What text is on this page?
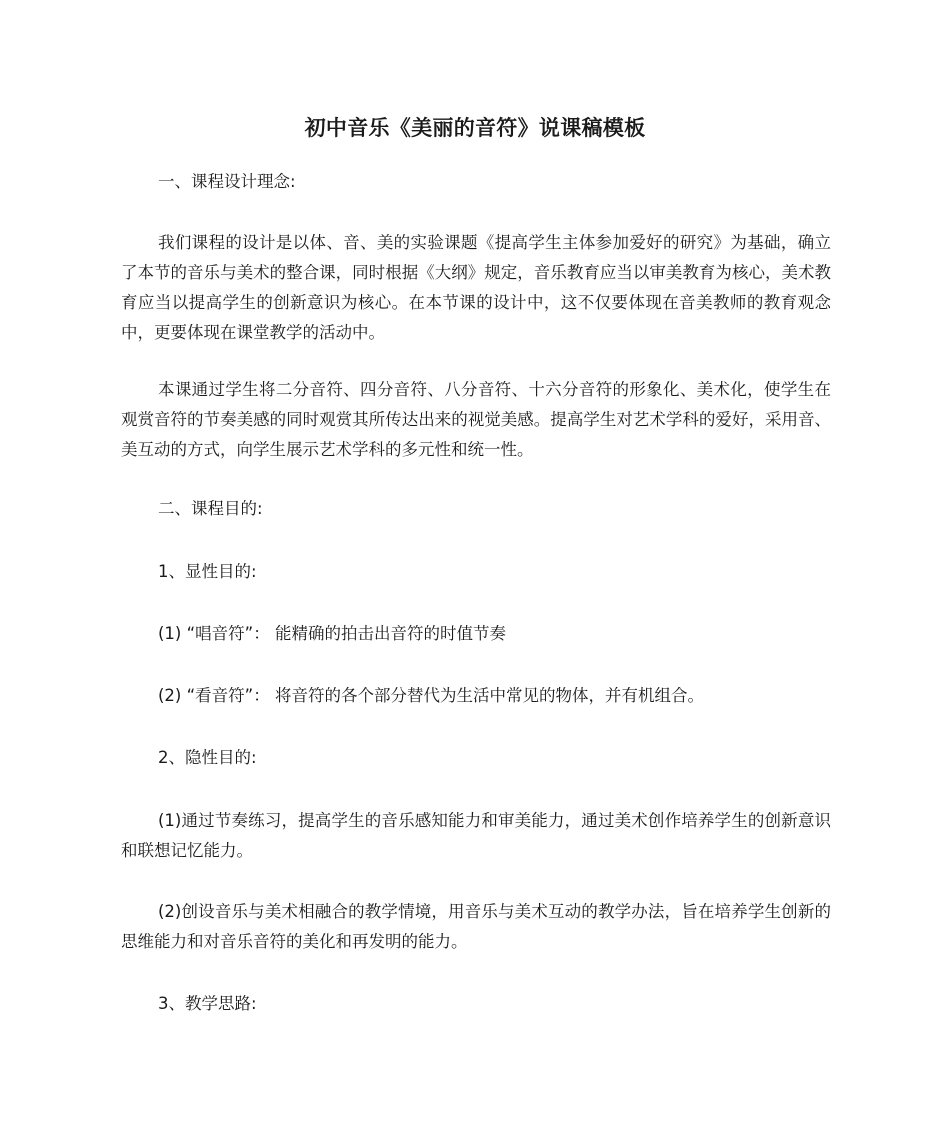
初中音乐《美丽的音符》说课稿模板

一、课程设计理念:

我们课程的设计是以体、音、美的实验课题《提高学生主体参加爱好的研究》为基础，确立了本节的音乐与美术的整合课，同时根据《大纲》规定，音乐教育应当以审美教育为核心，美术教育应当以提高学生的创新意识为核心。在本节课的设计中，这不仅要体现在音美教师的教育观念中，更要体现在课堂教学的活动中。

本课通过学生将二分音符、四分音符、八分音符、十六分音符的形象化、美术化，使学生在观赏音符的节奏美感的同时观赏其所传达出来的视觉美感。提高学生对艺术学科的爱好，采用音、美互动的方式，向学生展示艺术学科的多元性和统一性。

二、课程目的:

1、显性目的:

(1) “唱音符”： 能精确的拍击出音符的时值节奏

(2) “看音符”： 将音符的各个部分替代为生活中常见的物体，并有机组合。

2、隐性目的:

(1)通过节奏练习，提高学生的音乐感知能力和审美能力，通过美术创作培养学生的创新意识和联想记忆能力。

(2)创设音乐与美术相融合的教学情境，用音乐与美术互动的教学办法，旨在培养学生创新的思维能力和对音乐音符的美化和再发明的能力。

3、教学思路:
